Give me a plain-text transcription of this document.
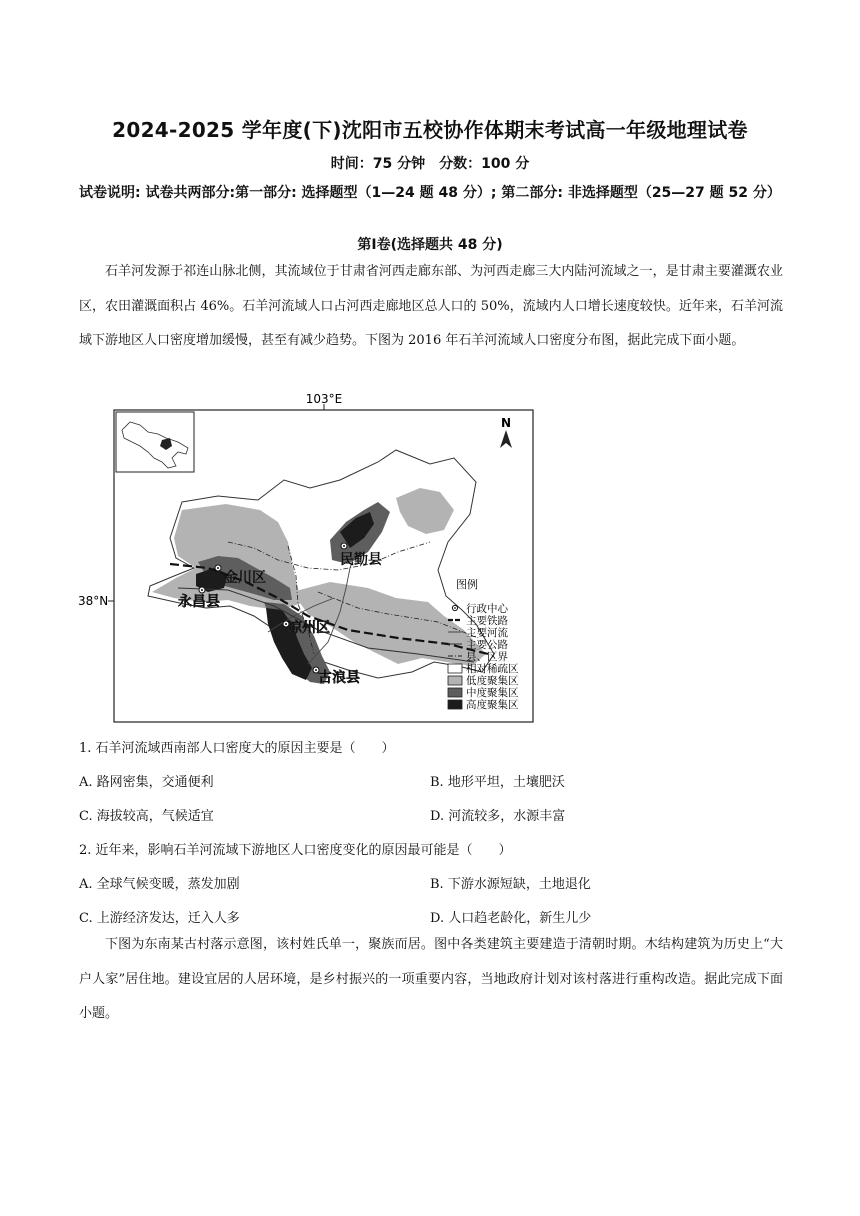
2024-2025 学年度(下)沈阳市五校协作体期末考试高一年级地理试卷
时间：75 分钟 分数：100 分
试卷说明: 试卷共两部分:第一部分: 选择题型（1—24 题 48 分）; 第二部分: 非选择题型（25—27 题 52 分）
第Ⅰ卷(选择题共 48 分)

石羊河发源于祁连山脉北侧，其流域位于甘肃省河西走廊东部、为河西走廊三大内陆河流域之一，是甘肃主要灌溉农业区，农田灌溉面积占 46%。石羊河流域人口占河西走廊地区总人口的 50%，流域内人口增长速度较快。近年来，石羊河流域下游地区人口密度增加缓慢，甚至有减少趋势。下图为 2016 年石羊河流域人口密度分布图，据此完成下面小题。

103°E
38°N
N
民勤县
金川区
永昌县
凉州区
古浪县
图例
行政中心
主要铁路
主要河流
主要公路
县、区界
相对稀疏区
低度聚集区
中度聚集区
高度聚集区
1. 石羊河流域西南部人口密度大的原因主要是（　　）
A. 路网密集，交通便利	B. 地形平坦，土壤肥沃
C. 海拔较高，气候适宜	D. 河流较多，水源丰富
2. 近年来，影响石羊河流域下游地区人口密度变化的原因最可能是（　　）
A. 全球气候变暖，蒸发加剧	B. 下游水源短缺，土地退化
C. 上游经济发达，迁入人多	D. 人口趋老龄化，新生儿少

下图为东南某古村落示意图，该村姓氏单一，聚族而居。图中各类建筑主要建造于清朝时期。木结构建筑为历史上“大户人家”居住地。建设宜居的人居环境，是乡村振兴的一项重要内容，当地政府计划对该村落进行重构改造。据此完成下面小题。
